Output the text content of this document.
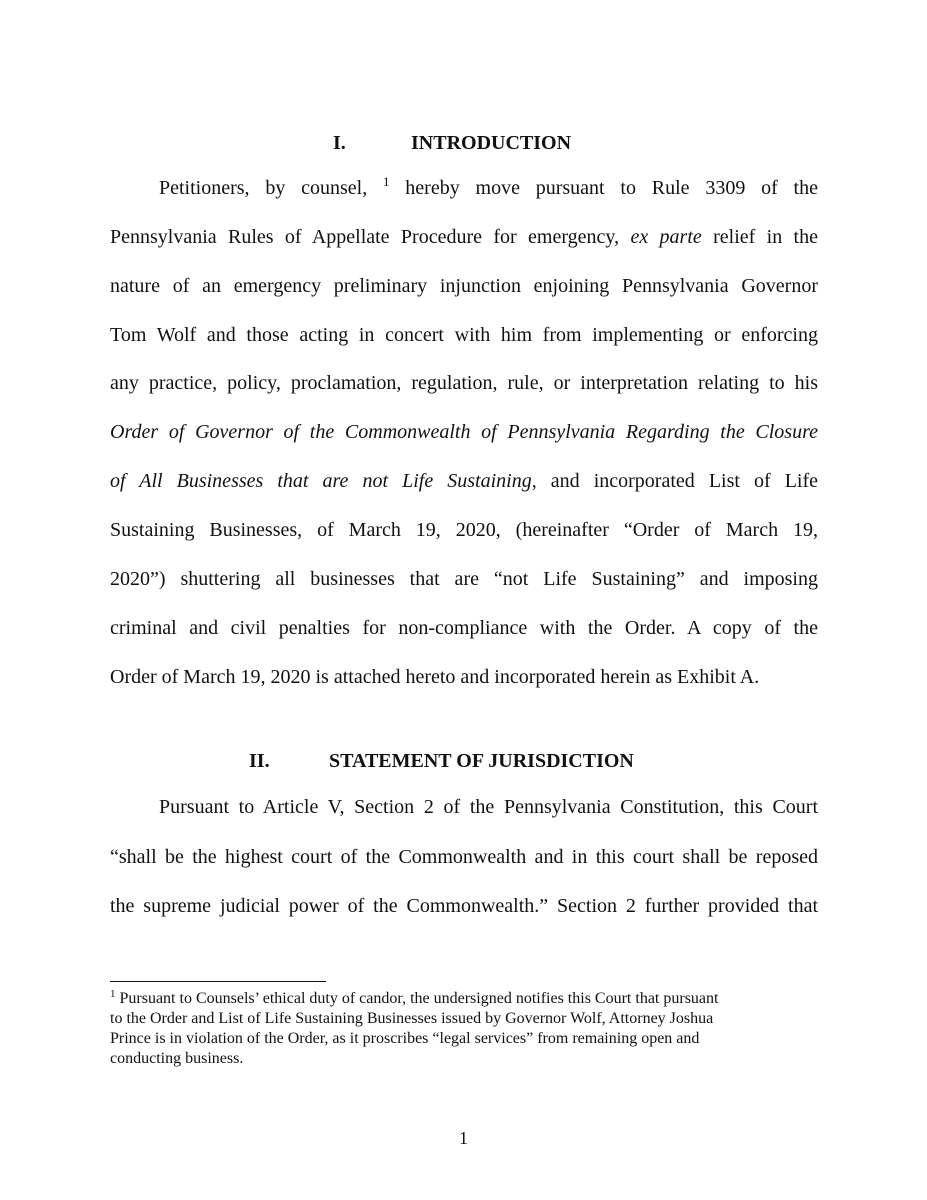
I.	INTRODUCTION
Petitioners, by counsel, $^1$ hereby move pursuant to Rule 3309 of the
Pennsylvania Rules of Appellate Procedure for emergency, ex parte relief in the
nature of an emergency preliminary injunction enjoining Pennsylvania Governor
Tom Wolf and those acting in concert with him from implementing or enforcing
any practice, policy, proclamation, regulation, rule, or interpretation relating to his
Order of Governor of the Commonwealth of Pennsylvania Regarding the Closure
of All Businesses that are not Life Sustaining, and incorporated List of Life
Sustaining Businesses, of March 19, 2020, (hereinafter “Order of March 19,
2020”) shuttering all businesses that are “not Life Sustaining” and imposing
criminal and civil penalties for non-compliance with the Order. A copy of the
Order of March 19, 2020 is attached hereto and incorporated herein as Exhibit A.
II.	STATEMENT OF JURISDICTION
Pursuant to Article V, Section 2 of the Pennsylvania Constitution, this Court
“shall be the highest court of the Commonwealth and in this court shall be reposed
the supreme judicial power of the Commonwealth.” Section 2 further provided that
$^1$ Pursuant to Counsels’ ethical duty of candor, the undersigned notifies this Court that pursuant
to the Order and List of Life Sustaining Businesses issued by Governor Wolf, Attorney Joshua
Prince is in violation of the Order, as it proscribes “legal services” from remaining open and
conducting business.
1
